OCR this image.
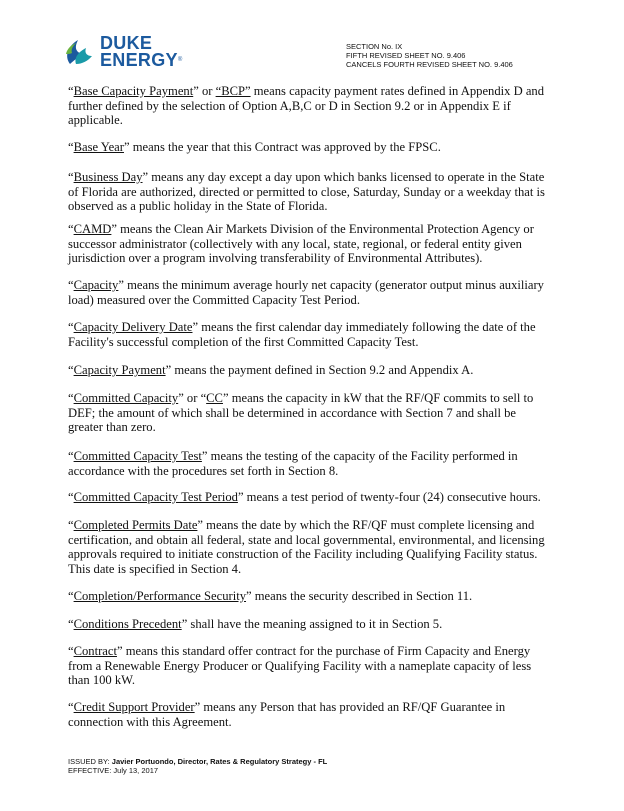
DUKE
ENERGY®
SECTION No. IX
FIFTH REVISED SHEET NO. 9.406
CANCELS FOURTH REVISED SHEET NO. 9.406

“Base Capacity Payment” or “BCP” means capacity payment rates defined in Appendix D and further defined by the selection of Option A,B,C or D in Section 9.2 or in Appendix E if applicable.

“Base Year” means the year that this Contract was approved by the FPSC.

“Business Day” means any day except a day upon which banks licensed to operate in the State of Florida are authorized, directed or permitted to close, Saturday, Sunday or a weekday that is observed as a public holiday in the State of Florida.

“CAMD” means the Clean Air Markets Division of the Environmental Protection Agency or successor administrator (collectively with any local, state, regional, or federal entity given jurisdiction over a program involving transferability of Environmental Attributes).

“Capacity” means the minimum average hourly net capacity (generator output minus auxiliary load) measured over the Committed Capacity Test Period.

“Capacity Delivery Date” means the first calendar day immediately following the date of the Facility's successful completion of the first Committed Capacity Test.

“Capacity Payment” means the payment defined in Section 9.2 and Appendix A.

“Committed Capacity” or “CC” means the capacity in kW that the RF/QF commits to sell to DEF; the amount of which shall be determined in accordance with Section 7 and shall be greater than zero.

“Committed Capacity Test” means the testing of the capacity of the Facility performed in accordance with the procedures set forth in Section 8.

“Committed Capacity Test Period” means a test period of twenty-four (24) consecutive hours.

“Completed Permits Date” means the date by which the RF/QF must complete licensing and certification, and obtain all federal, state and local governmental, environmental, and licensing approvals required to initiate construction of the Facility including Qualifying Facility status. This date is specified in Section 4.

“Completion/Performance Security” means the security described in Section 11.

“Conditions Precedent” shall have the meaning assigned to it in Section 5.

“Contract” means this standard offer contract for the purchase of Firm Capacity and Energy from a Renewable Energy Producer or Qualifying Facility with a nameplate capacity of less than 100 kW.

“Credit Support Provider” means any Person that has provided an RF/QF Guarantee in connection with this Agreement.

ISSUED BY: Javier Portuondo, Director, Rates & Regulatory Strategy - FL
EFFECTIVE: July 13, 2017
